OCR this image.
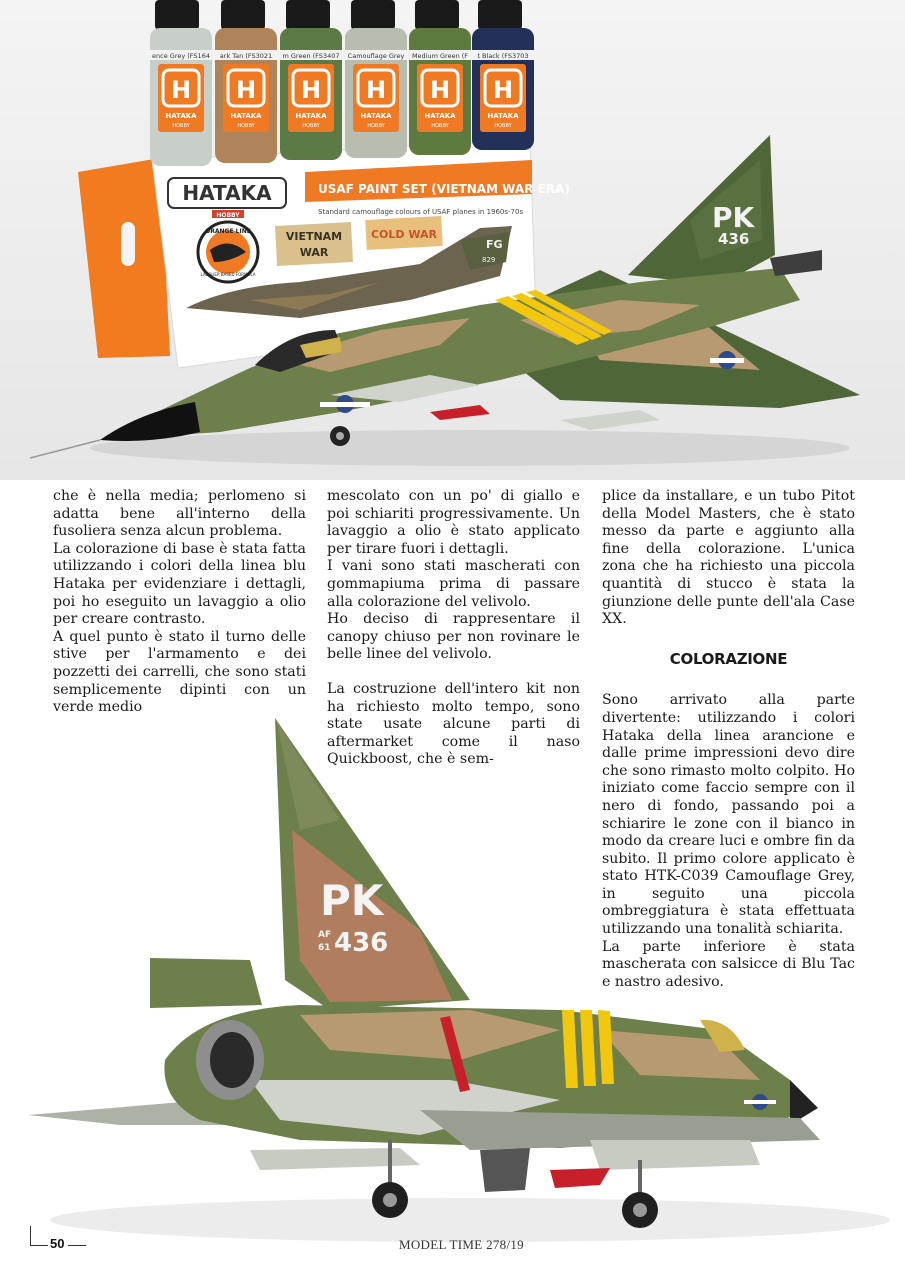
HATAKA
HOBBY
USAF PAINT SET (VIETNAM WAR ERA)
Standard camouflage colours of USAF planes in 1960s-70s
ORANGE LINE
LACQUER BASED FORMULA
VIETNAM
WAR
COLD WAR
FG
829
ence Grey (FS164
H
HATAKA
HOBBY
ark Tan (FS3021
H
HATAKA
HOBBY
m Green (FS3407
H
HATAKA
HOBBY
Camouflage Grey
H
HATAKA
HOBBY
Medium Green (F
H
HATAKA
HOBBY
t Black (FS3703
H
HATAKA
HOBBY
PK
436

che è nella media; perlomeno si adatta bene all'interno della fusoliera senza alcun problema.

La colorazione di base è stata fatta utilizzando i colori della linea blu Hataka per evidenziare i dettagli, poi ho eseguito un lavaggio a olio per creare contrasto.

A quel punto è stato il turno delle stive per l'armamento e dei pozzetti dei carrelli, che sono stati semplicemente dipinti con un verde medio

mescolato con un po' di giallo e poi schiariti progressivamente. Un lavaggio a olio è stato applicato per tirare fuori i dettagli.

I vani sono stati mascherati con gommapiuma prima di passare alla colorazione del velivolo.

Ho deciso di rappresentare il canopy chiuso per non rovinare le belle linee del velivolo.

La costruzione dell'intero kit non ha richiesto molto tempo, sono state usate alcune parti di aftermarket come il naso Quickboost, che è sem-

plice da installare, e un tubo Pitot della Model Masters, che è stato messo da parte e aggiunto alla fine della colorazione. L'unica zona che ha richiesto una piccola quantità di stucco è stata la giunzione delle punte dell'ala Case XX.

COLORAZIONE

Sono arrivato alla parte divertente: utilizzando i colori Hataka della linea arancione e dalle prime impressioni devo dire che sono rimasto molto colpito. Ho iniziato come faccio sempre con il nero di fondo, passando poi a schiarire le zone con il bianco in modo da creare luci e ombre fin da subito. Il primo colore applicato è stato HTK-C039 Camouflage Grey, in seguito una piccola ombreggiatura è stata effettuata utilizzando una tonalità schiarita.

La parte inferiore è stata mascherata con salsicce di Blu Tac e nastro adesivo.

PK
AF
61 436
50	MODEL TIME 278/19
